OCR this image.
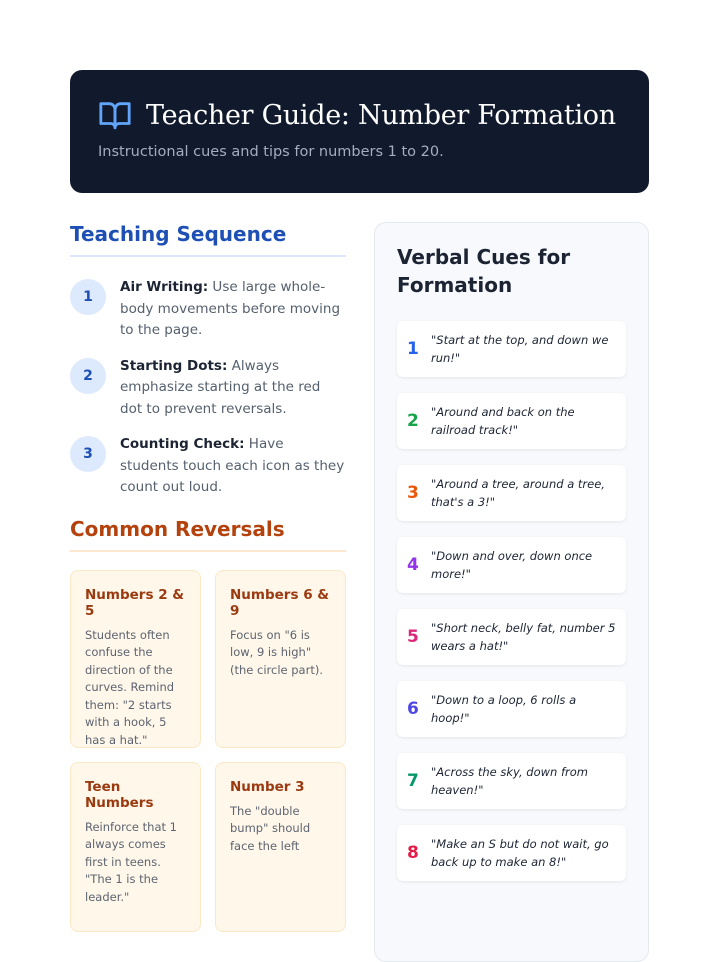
Teacher Guide: Number Formation
Instructional cues and tips for numbers 1 to 20.
Teaching Sequence
1
Air Writing: Use large whole-body movements before moving to the page.
2
Starting Dots: Always emphasize starting at the red dot to prevent reversals.
3
Counting Check: Have students touch each icon as they count out loud.
Common Reversals
Numbers 2 & 5
Students often confuse the direction of the curves. Remind them: "2 starts with a hook, 5 has a hat."
Numbers 6 & 9
Focus on "6 is low, 9 is high" (the circle part).
Teen Numbers
Reinforce that 1 always comes first in teens. "The 1 is the leader."
Number 3
The "double bump" should face the left
Verbal Cues for Formation
1	"Start at the top, and down we run!"
2	"Around and back on the railroad track!"
3	"Around a tree, around a tree, that's a 3!"
4	"Down and over, down once more!"
5	"Short neck, belly fat, number 5 wears a hat!"
6	"Down to a loop, 6 rolls a hoop!"
7	"Across the sky, down from heaven!"
8	"Make an S but do not wait, go back up to make an 8!"
